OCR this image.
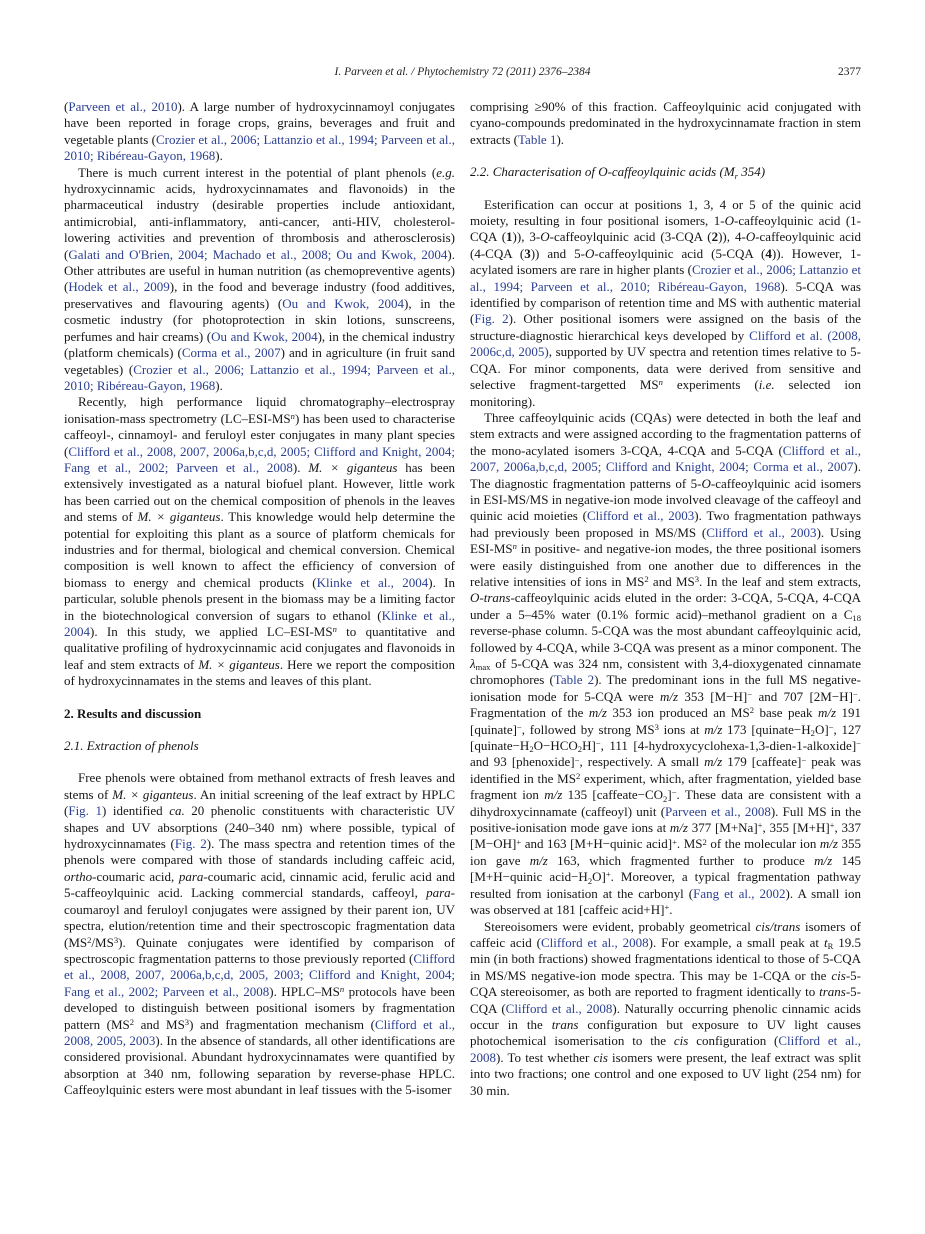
I. Parveen et al. / Phytochemistry 72 (2011) 2376–2384	2377
(Parveen et al., 2010). A large number of hydroxycinnamoyl conjugates have been reported in forage crops, grains, beverages and fruit and vegetable plants (Crozier et al., 2006; Lattanzio et al., 1994; Parveen et al., 2010; Ribéreau-Gayon, 1968).
There is much current interest in the potential of plant phenols (e.g. hydroxycinnamic acids, hydroxycinnamates and flavonoids) in the pharmaceutical industry (desirable properties include antioxidant, antimicrobial, anti-inflammatory, anti-cancer, anti-HIV, cholesterol-lowering activities and prevention of thrombosis and atherosclerosis) (Galati and O'Brien, 2004; Machado et al., 2008; Ou and Kwok, 2004). Other attributes are useful in human nutrition (as chemopreventive agents) (Hodek et al., 2009), in the food and beverage industry (food additives, preservatives and flavouring agents) (Ou and Kwok, 2004), in the cosmetic industry (for photoprotection in skin lotions, sunscreens, perfumes and hair creams) (Ou and Kwok, 2004), in the chemical industry (platform chemicals) (Corma et al., 2007) and in agriculture (in fruit sand vegetables) (Crozier et al., 2006; Lattanzio et al., 1994; Parveen et al., 2010; Ribéreau-Gayon, 1968).
Recently, high performance liquid chromatography–electrospray ionisation-mass spectrometry $(LC-ESI-MS^n)$ has been used to characterise caffeoyl-, cinnamoyl- and feruloyl ester conjugates in many plant species (Clifford et al., 2008, 2007, 2006a,b,c,d, 2005; Clifford and Knight, 2004; Fang et al., 2002; Parveen et al., 2008). M. × giganteus has been extensively investigated as a natural biofuel plant. However, little work has been carried out on the chemical composition of phenols in the leaves and stems of M. × giganteus. This knowledge would help determine the potential for exploiting this plant as a source of platform chemicals for industries and for thermal, biological and chemical conversion. Chemical composition is well known to affect the efficiency of conversion of biomass to energy and chemical products (Klinke et al., 2004). In particular, soluble phenols present in the biomass may be a limiting factor in the biotechnological conversion of sugars to ethanol (Klinke et al., 2004). In this study, we applied $LC-ESI-MS^n$ to quantitative and qualitative profiling of hydroxycinnamic acid conjugates and flavonoids in leaf and stem extracts of M. × giganteus. Here we report the composition of hydroxycinnamates in the stems and leaves of this plant.
2. Results and discussion
2.1. Extraction of phenols
Free phenols were obtained from methanol extracts of fresh leaves and stems of M. × giganteus. An initial screening of the leaf extract by HPLC (Fig. 1) identified ca. 20 phenolic constituents with characteristic UV shapes and UV absorptions (240–340 nm) where possible, typical of hydroxycinnamates (Fig. 2). The mass spectra and retention times of the phenols were compared with those of standards including caffeic acid, ortho-coumaric acid, para-coumaric acid, cinnamic acid, ferulic acid and 5-caffeoylquinic acid. Lacking commercial standards, caffeoyl, para-coumaroyl and feruloyl conjugates were assigned by their parent ion, UV spectra, elution/retention time and their spectroscopic fragmentation data $(MS^2/MS^3)$. Quinate conjugates were identified by comparison of spectroscopic fragmentation patterns to those previously reported (Clifford et al., 2008, 2007, 2006a,b,c,d, 2005, 2003; Clifford and Knight, 2004; Fang et al., 2002; Parveen et al., 2008). HPLC–$MS^n$ protocols have been developed to distinguish between positional isomers by fragmentation pattern ($MS^2$ and $MS^3$) and fragmentation mechanism (Clifford et al., 2008, 2005, 2003). In the absence of standards, all other identifications are considered provisional. Abundant hydroxycinnamates were quantified by absorption at 340 nm, following separation by reverse-phase HPLC. Caffeoylquinic esters were most abundant in leaf tissues with the 5-isomer
comprising ≥90% of this fraction. Caffeoylquinic acid conjugated with cyano-compounds predominated in the hydroxycinnamate fraction in stem extracts (Table 1).
2.2. Characterisation of O-caffeoylquinic acids (Mr 354)
Esterification can occur at positions 1, 3, 4 or 5 of the quinic acid moiety, resulting in four positional isomers, 1-O-caffeoylquinic acid (1-CQA (1)), 3-O-caffeoylquinic acid (3-CQA (2)), 4-O-caffeoylquinic acid (4-CQA (3)) and 5-O-caffeoylquinic acid (5-CQA (4)). However, 1-acylated isomers are rare in higher plants (Crozier et al., 2006; Lattanzio et al., 1994; Parveen et al., 2010; Ribéreau-Gayon, 1968). 5-CQA was identified by comparison of retention time and MS with authentic material (Fig. 2). Other positional isomers were assigned on the basis of the structure-diagnostic hierarchical keys developed by Clifford et al. (2008, 2006c,d, 2005), supported by UV spectra and retention times relative to 5-CQA. For minor components, data were derived from sensitive and selective fragment-targetted $MS^n$ experiments (i.e. selected ion monitoring).
Three caffeoylquinic acids (CQAs) were detected in both the leaf and stem extracts and were assigned according to the fragmentation patterns of the mono-acylated isomers 3-CQA, 4-CQA and 5-CQA (Clifford et al., 2007, 2006a,b,c,d, 2005; Clifford and Knight, 2004; Corma et al., 2007). The diagnostic fragmentation patterns of 5-O-caffeoylquinic acid isomers in ESI-MS/MS in negative-ion mode involved cleavage of the caffeoyl and quinic acid moieties (Clifford et al., 2003). Two fragmentation pathways had previously been proposed in MS/MS (Clifford et al., 2003). Using ESI-$MS^n$ in positive- and negative-ion modes, the three positional isomers were easily distinguished from one another due to differences in the relative intensities of ions in $MS^2$ and $MS^3$. In the leaf and stem extracts, O-trans-caffeoylquinic acids eluted in the order: 3-CQA, 5-CQA, 4-CQA under a 5–45% water (0.1% formic acid)–methanol gradient on a C18 reverse-phase column. 5-CQA was the most abundant caffeoylquinic acid, followed by 4-CQA, while 3-CQA was present as a minor component. The λmax of 5-CQA was 324 nm, consistent with 3,4-dioxygenated cinnamate chromophores (Table 2). The predominant ions in the full MS negative-ionisation mode for 5-CQA were m/z 353 [M−H]− and 707 [2M−H]−. Fragmentation of the m/z 353 ion produced an $MS^2$ base peak m/z 191 [quinate]−, followed by strong $MS^3$ ions at m/z 173 [quinate−H2O]−, 127 [quinate−H2O−HCO2H]−, 111 [4-hydroxycyclohexa-1,3-dien-1-alkoxide]− and 93 [phenoxide]−, respectively. A small m/z 179 [caffeate]− peak was identified in the $MS^2$ experiment, which, after fragmentation, yielded base fragment ion m/z 135 [caffeate−CO2]−. These data are consistent with a dihydroxycinnamate (caffeoyl) unit (Parveen et al., 2008). Full MS in the positive-ionisation mode gave ions at m/z 377 [M+Na]+, 355 [M+H]+, 337 [M−OH]+ and 163 [M+H−quinic acid]+. $MS^2$ of the molecular ion m/z 355 ion gave m/z 163, which fragmented further to produce m/z 145 [M+H−quinic acid−H2O]+. Moreover, a typical fragmentation pathway resulted from ionisation at the carbonyl (Fang et al., 2002). A small ion was observed at 181 [caffeic acid+H]+.
Stereoisomers were evident, probably geometrical cis/trans isomers of caffeic acid (Clifford et al., 2008). For example, a small peak at tR 19.5 min (in both fractions) showed fragmentations identical to those of 5-CQA in MS/MS negative-ion mode spectra. This may be 1-CQA or the cis-5-CQA stereoisomer, as both are reported to fragment identically to trans-5-CQA (Clifford et al., 2008). Naturally occurring phenolic cinnamic acids occur in the trans configuration but exposure to UV light causes photochemical isomerisation to the cis configuration (Clifford et al., 2008). To test whether cis isomers were present, the leaf extract was split into two fractions; one control and one exposed to UV light (254 nm) for 30 min.
